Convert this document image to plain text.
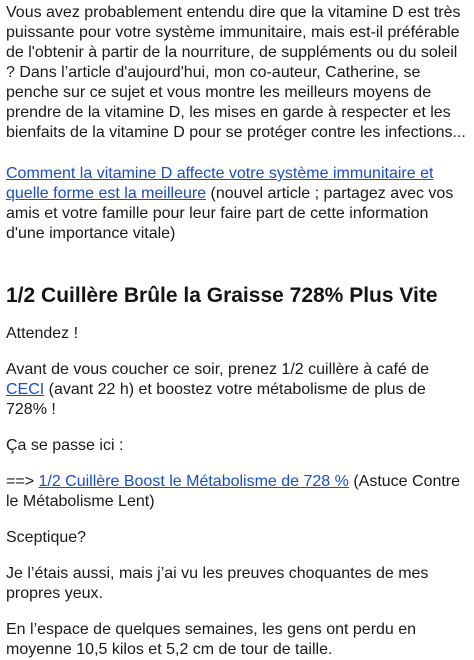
Vous avez probablement entendu dire que la vitamine D est très puissante pour votre système immunitaire, mais est-il préférable de l'obtenir à partir de la nourriture, de suppléments ou du soleil ? Dans l’article d'aujourd'hui, mon co-auteur, Catherine, se penche sur ce sujet et vous montre les meilleurs moyens de prendre de la vitamine D, les mises en garde à respecter et les bienfaits de la vitamine D pour se protéger contre les infections...

Comment la vitamine D affecte votre système immunitaire et quelle forme est la meilleure (nouvel article ; partagez avec vos amis et votre famille pour leur faire part de cette information d'une importance vitale)

1/2 Cuillère Brûle la Graisse 728% Plus Vite

Attendez !

Avant de vous coucher ce soir, prenez 1/2 cuillère à café de CECI (avant 22 h) et boostez votre métabolisme de plus de 728% !

Ça se passe ici :

==> 1/2 Cuillère Boost le Métabolisme de 728 % (Astuce Contre le Métabolisme Lent)

Sceptique?

Je l’étais aussi, mais j’ai vu les preuves choquantes de mes propres yeux.

En l’espace de quelques semaines, les gens ont perdu en moyenne 10,5 kilos et 5,2 cm de tour de taille.
